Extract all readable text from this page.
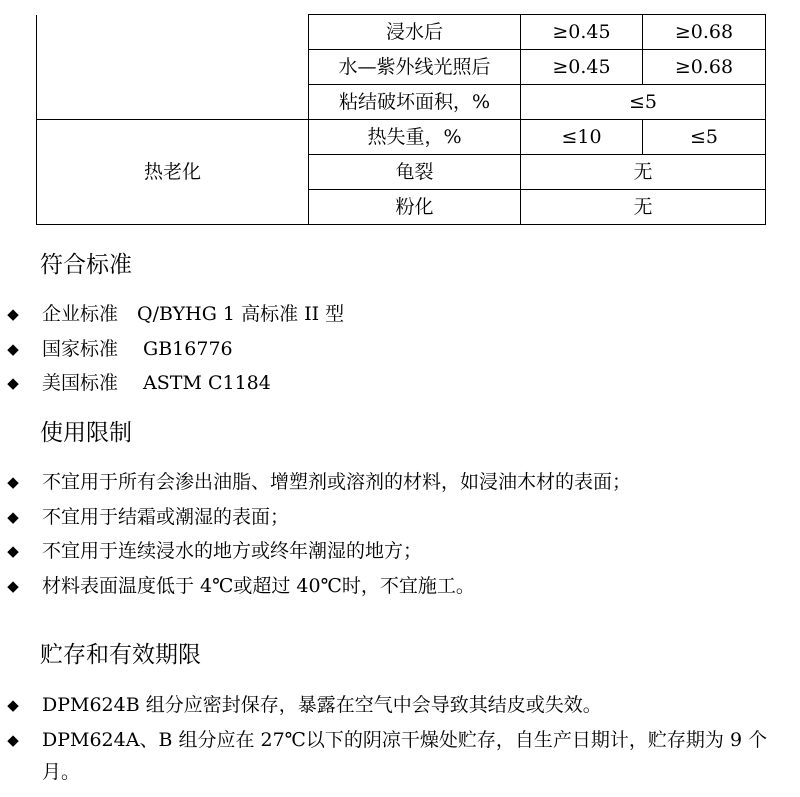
	浸水后	≥0.45	≥0.68
	水—紫外线光照后	≥0.45	≥0.68
	粘结破坏面积，%	≤5	
热老化	热失重，%	≤10	≤5
	龟裂	无	
	粉化	无	
符合标准
◆ 企业标准　Q/BYHG 1 高标准 II 型
◆ 国家标准　 GB16776
◆ 美国标准　 ASTM C1184
使用限制
◆ 不宜用于所有会渗出油脂、增塑剂或溶剂的材料，如浸油木材的表面；
◆ 不宜用于结霜或潮湿的表面；
◆ 不宜用于连续浸水的地方或终年潮湿的地方；
◆ 材料表面温度低于 4℃或超过 40℃时，不宜施工。
贮存和有效期限
◆ DPM624B 组分应密封保存，暴露在空气中会导致其结皮或失效。
◆ DPM624A、B 组分应在 27℃以下的阴凉干燥处贮存，自生产日期计，贮存期为 9 个月。
